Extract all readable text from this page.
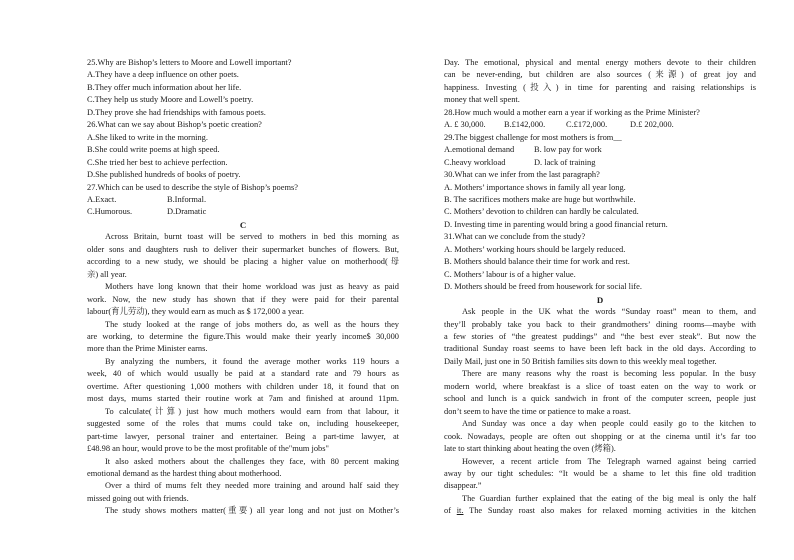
25.Why are Bishop’s letters to Moore and Lowell important?

A.They have a deep influence on other poets.

B.They offer much information about her life.

C.They help us study Moore and Lowell’s poetry.

D.They prove she had friendships with famous poets.

26.What can we say about Bishop’s poetic creation?

A.She liked to write in the morning.

B.She could write poems at high speed.

C.She tried her best to achieve perfection.

D.She published hundreds of books of poetry.

27.Which can be used to describe the style of Bishop’s poems?

A.Exact.	B.Informal.
C.Humorous.	D.Dramatic

C

Across Britain, burnt toast will be served to mothers in bed this morning as

older sons and daughters rush to deliver their supermarket bunches of flowers. But,

according to a new study, we should be placing a higher value on motherhood(母

亲) all year.

Mothers have long known that their home workload was just as heavy as paid

work. Now, the new study has shown that if they were paid for their parental

labour(育儿劳动), they would earn as much as $ 172,000 a year.

The study looked at the range of jobs mothers do, as well as the hours they

are working, to determine the figure.This would make their yearly income$ 30,000

more than the Prime Minister earns.

By analyzing the numbers, it found the average mother works 119 hours a

week, 40 of which would usually be paid at a standard rate and 79 hours as

overtime. After questioning 1,000 mothers with children under 18, it found that on

most days, mums started their routine work at 7am and finished at around 11pm.

To calculate(计算) just how much mothers would earn from that labour, it

suggested some of the roles that mums could take on, including housekeeper,

part-time lawyer, personal trainer and entertainer. Being a part-time lawyer, at

£48.98 an hour, would prove to be the most profitable of the"mum jobs"

It also asked mothers about the challenges they face, with 80 percent making

emotional demand as the hardest thing about motherhood.

Over a third of mums felt they needed more training and around half said they

missed going out with friends.

The study shows mothers matter(重要) all year long and not just on Mother’s

Day. The emotional, physical and mental energy mothers devote to their children

can be never-ending, but children are also sources (来源) of great joy and

happiness. Investing (投入) in time for parenting and raising relationships is

money that well spent.

28.How much would a mother earn a year if working as the Prime Minister?

A. £ 30,000.	B.£142,000.	C.£172,000.	D.£ 202,000.

29.The biggest challenge for most mothers is from__

A.emotional demand	B. low pay for work
C.heavy workload	D. lack of training

30.What can we infer from the last paragraph?

A. Mothers’ importance shows in family all year long.

B. The sacrifices mothers make are huge but worthwhile.

C. Mothers’ devotion to children can hardly be calculated.

D. Investing time in parenting would bring a good financial return.

31.What can we conclude from the study?

A. Mothers’ working hours should be largely reduced.

B. Mothers should balance their time for work and rest.

C. Mothers’ labour is of a higher value.

D. Mothers should be freed from housework for social life.

D

Ask people in the UK what the words “Sunday roast” mean to them, and

they’ll probably take you back to their grandmothers’ dining rooms—maybe with

a few stories of “the greatest puddings” and “the best ever steak”. But now the

traditional Sunday roast seems to have been left back in the old days. According to

Daily Mail, just one in 50 British families sits down to this weekly meal together.

There are many reasons why the roast is becoming less popular. In the busy

modern world, where breakfast is a slice of toast eaten on the way to work or

school and lunch is a quick sandwich in front of the computer screen, people just

don’t seem to have the time or patience to make a roast.

And Sunday was once a day when people could easily go to the kitchen to

cook. Nowadays, people are often out shopping or at the cinema until it’s far too

late to start thinking about heating the oven (烤箱).

However, a recent article from The Telegraph warned against being carried

away by our tight schedules: “It would be a shame to let this fine old tradition

disappear.”

The Guardian further explained that the eating of the big meal is only the half

of it. The Sunday roast also makes for relaxed morning activities in the kitchen
